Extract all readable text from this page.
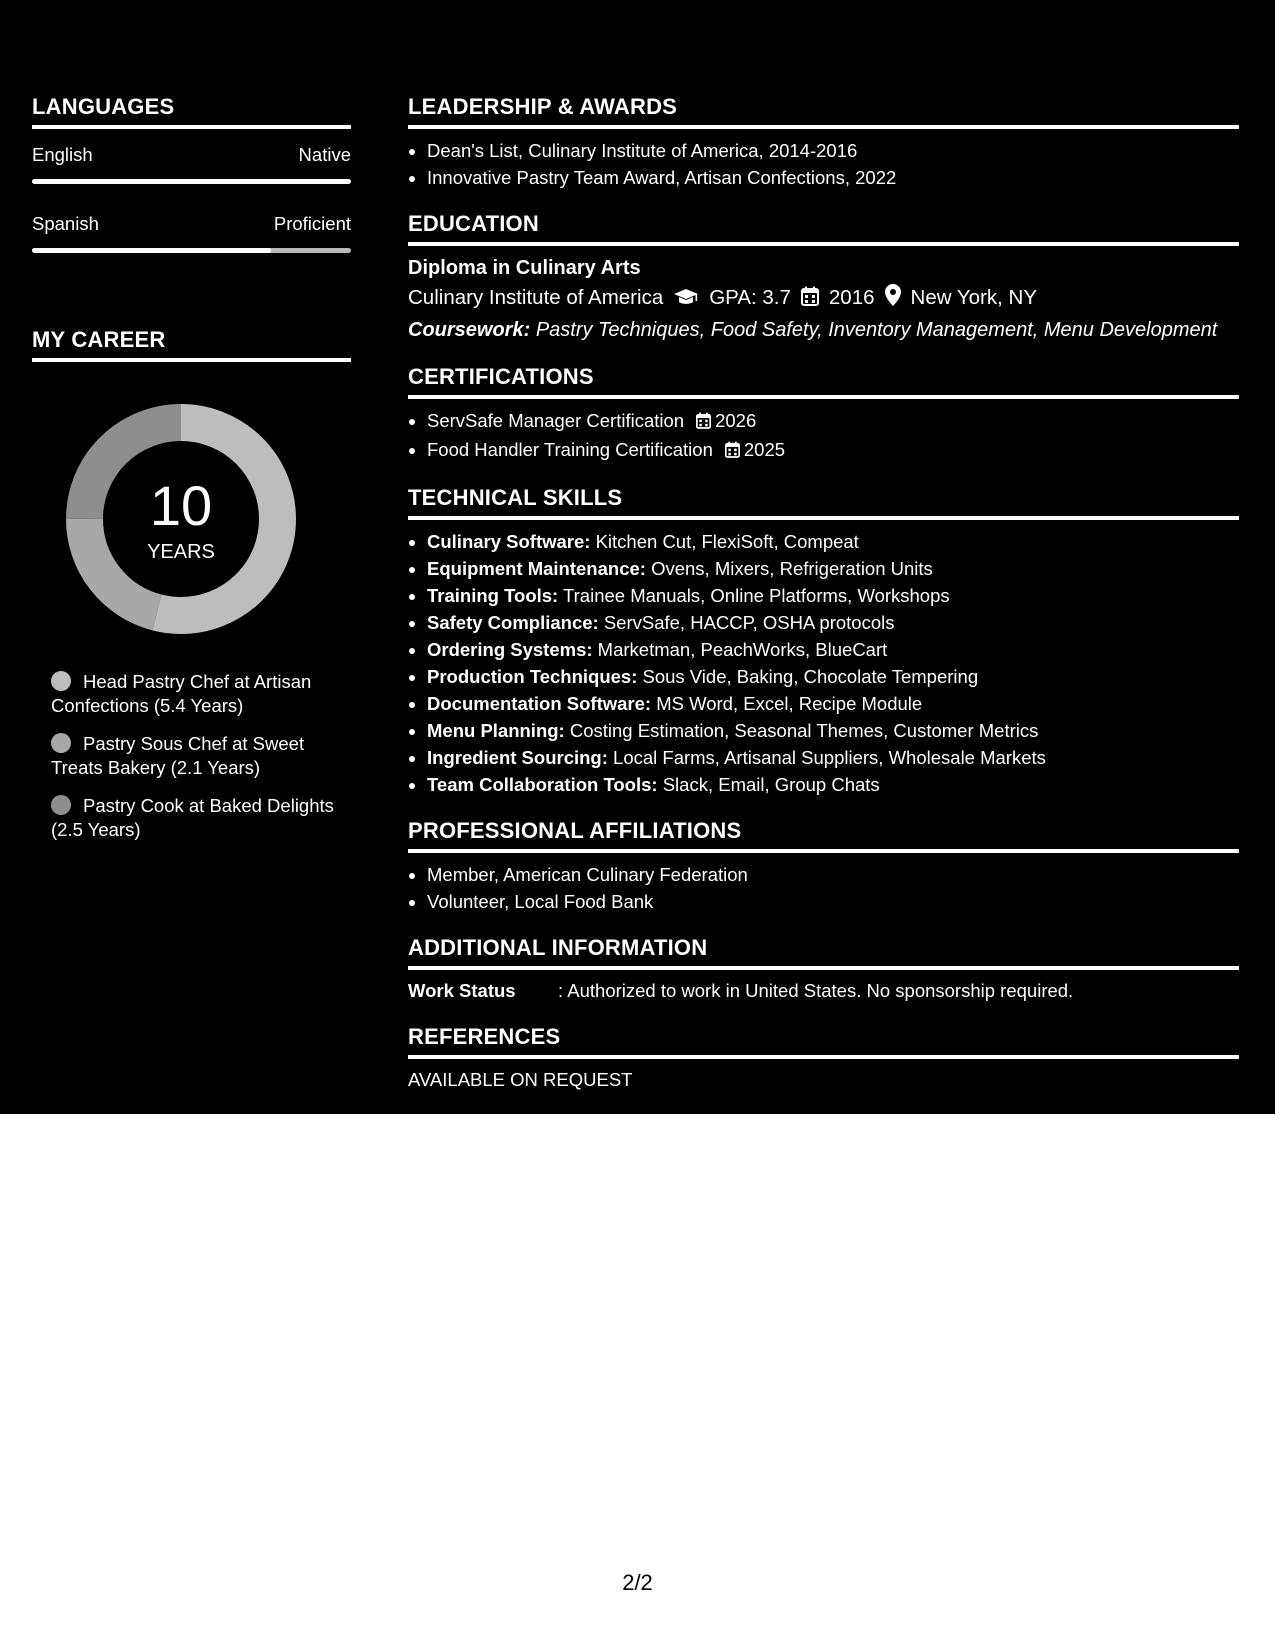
LANGUAGES
English	Native
Spanish	Proficient
MY CAREER
10
YEARS
Head Pastry Chef at Artisan Confections (5.4 Years)
Pastry Sous Chef at Sweet Treats Bakery (2.1 Years)
Pastry Cook at Baked Delights (2.5 Years)
LEADERSHIP & AWARDS
• Dean's List, Culinary Institute of America, 2014-2016
• Innovative Pastry Team Award, Artisan Confections, 2022
EDUCATION
Diploma in Culinary Arts
Culinary Institute of America GPA: 3.7 2016 New York, NY
Coursework: Pastry Techniques, Food Safety, Inventory Management, Menu Development
CERTIFICATIONS
• ServSafe Manager Certification 2026
• Food Handler Training Certification 2025
TECHNICAL SKILLS
• Culinary Software: Kitchen Cut, FlexiSoft, Compeat
• Equipment Maintenance: Ovens, Mixers, Refrigeration Units
• Training Tools: Trainee Manuals, Online Platforms, Workshops
• Safety Compliance: ServSafe, HACCP, OSHA protocols
• Ordering Systems: Marketman, PeachWorks, BlueCart
• Production Techniques: Sous Vide, Baking, Chocolate Tempering
• Documentation Software: MS Word, Excel, Recipe Module
• Menu Planning: Costing Estimation, Seasonal Themes, Customer Metrics
• Ingredient Sourcing: Local Farms, Artisanal Suppliers, Wholesale Markets
• Team Collaboration Tools: Slack, Email, Group Chats
PROFESSIONAL AFFILIATIONS
• Member, American Culinary Federation
• Volunteer, Local Food Bank
ADDITIONAL INFORMATION
Work Status : Authorized to work in United States. No sponsorship required.
REFERENCES
AVAILABLE ON REQUEST
2/2
